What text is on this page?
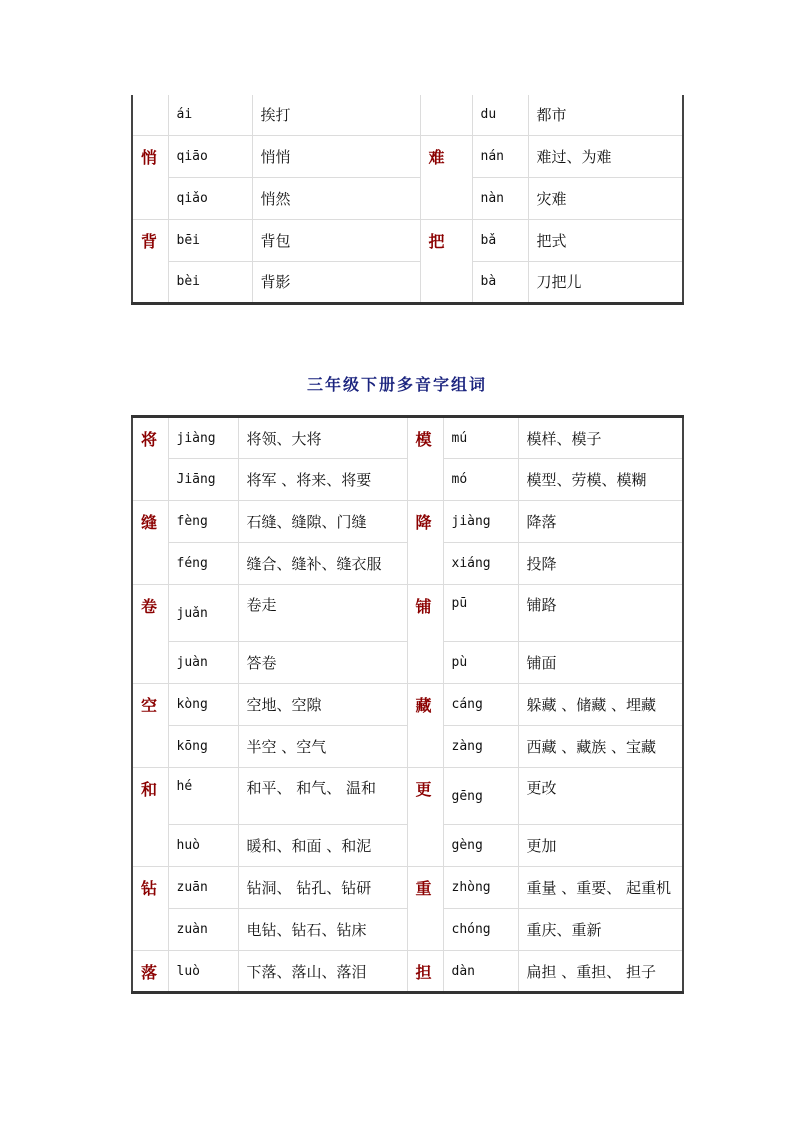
	ái	挨打		du	都市
悄	qiāo	悄悄	难	nán	难过、为难
	qiǎo	悄然		nàn	灾难
背	bēi	背包	把	bǎ	把式
	bèi	背影		bà	刀把儿
三年级下册多音字组词
将	jiàng	将领、大将	模	mú	模样、模子
	Jiāng	将军 、将来、将要		mó	模型、劳模、模糊
缝	fèng	石缝、缝隙、门缝	降	jiàng	降落
	féng	缝合、缝补、缝衣服		xiáng	投降
卷	juǎn	卷走	铺	pū	铺路
	juàn	答卷		pù	铺面
空	kòng	空地、空隙	藏	cáng	躲藏 、储藏 、埋藏
	kōng	半空 、空气		zàng	西藏 、藏族 、宝藏
和	hé	和平、 和气、 温和	更	gēng	更改
	huò	暖和、和面 、和泥		gèng	更加
钻	zuān	钻洞、 钻孔、钻研	重	zhòng	重量 、重要、 起重机
	zuàn	电钻、钻石、钻床		chóng	重庆、重新
落	luò	下落、落山、落泪	担	dàn	扁担 、重担、 担子
